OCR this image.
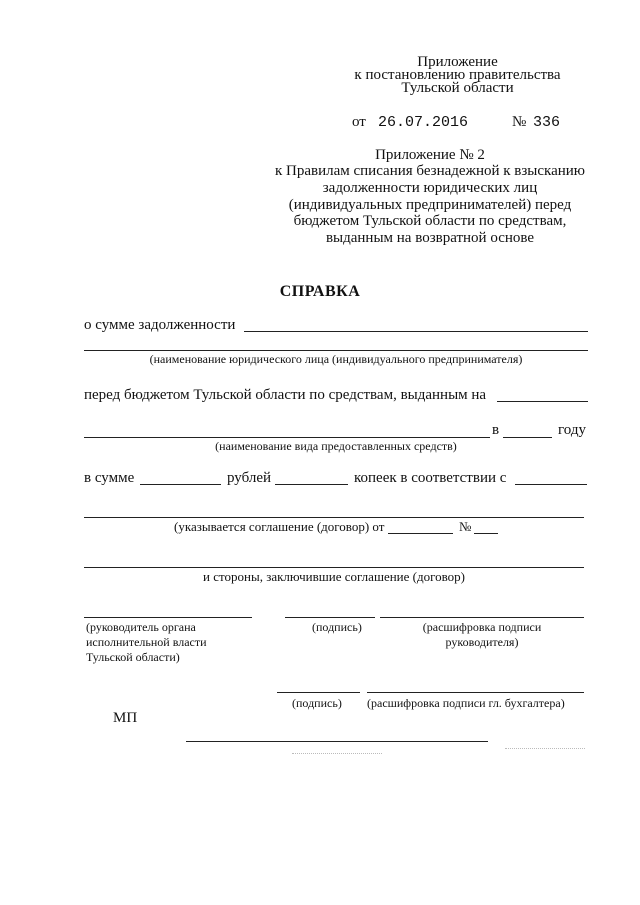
Приложение
к постановлению правительства
Тульской области
от 26.07.2016	№ 336
Приложение № 2
к Правилам списания безнадежной к взысканию
задолженности юридических лиц
(индивидуальных предпринимателей) перед
бюджетом Тульской области по средствам,
выданным на возвратной основе
СПРАВКА
о сумме задолженности
(наименование юридического лица (индивидуального предпринимателя)
перед бюджетом Тульской области по средствам, выданным на
в	году
(наименование вида предоставленных средств)
в сумме	рублей	копеек в соответствии с
(указывается соглашение (договор) от	№
и стороны, заключившие соглашение (договор)
(руководитель органа
исполнительной власти
Тульской области)
(подпись)	(расшифровка подписи
руководителя)
(подпись) (расшифровка подписи гл. бухгалтера)
МП
